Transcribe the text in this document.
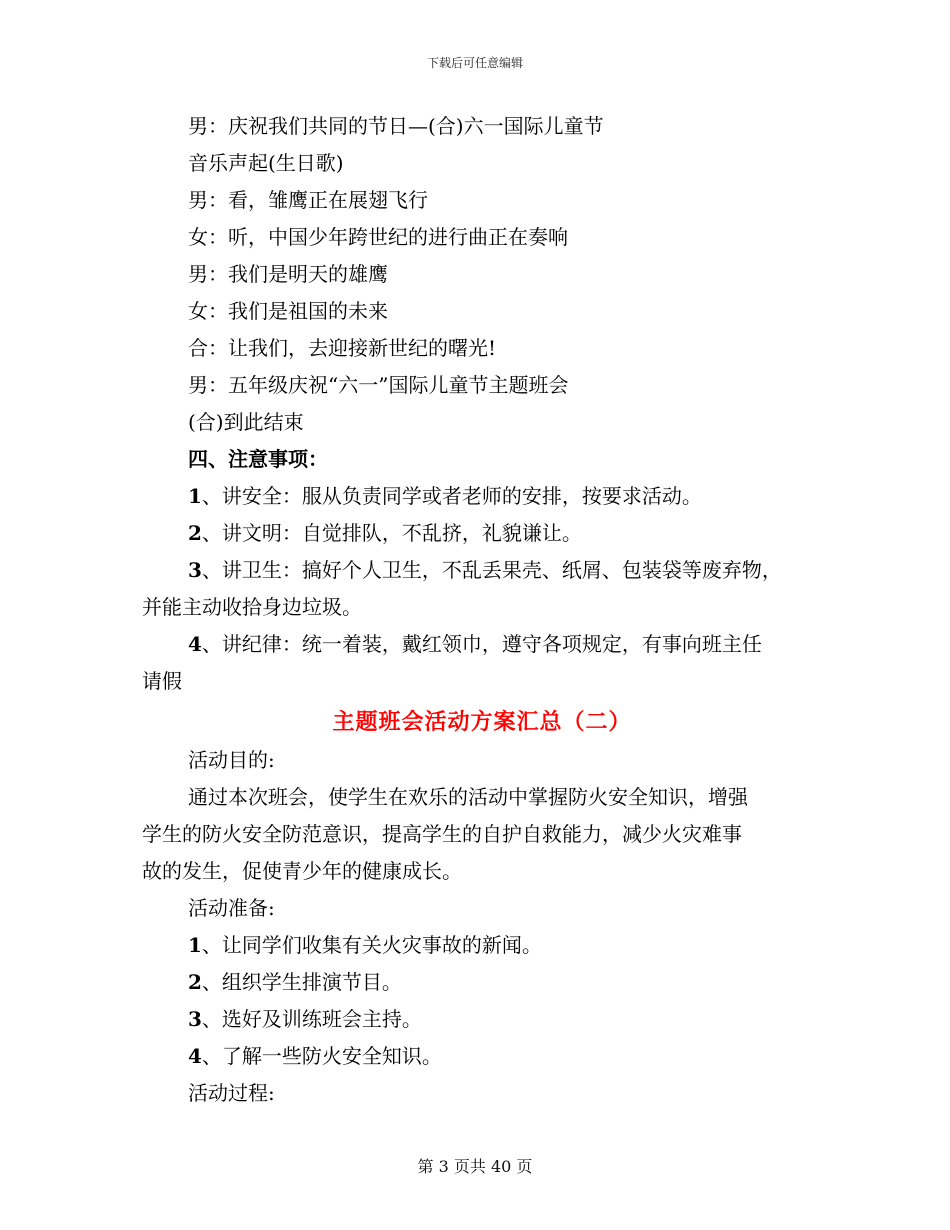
下载后可任意编辑
男：庆祝我们共同的节日—(合)六一国际儿童节
音乐声起(生日歌)
男：看，雏鹰正在展翅飞行
女：听，中国少年跨世纪的进行曲正在奏响
男：我们是明天的雄鹰
女：我们是祖国的未来
合：让我们，去迎接新世纪的曙光!
男：五年级庆祝“六一”国际儿童节主题班会
(合)到此结束
四、注意事项：
1、讲安全：服从负责同学或者老师的安排，按要求活动。
2、讲文明：自觉排队，不乱挤，礼貌谦让。
3、讲卫生：搞好个人卫生，不乱丢果壳、纸屑、包装袋等废弃物，
并能主动收拾身边垃圾。
4、讲纪律：统一着装，戴红领巾，遵守各项规定，有事向班主任
请假
主题班会活动方案汇总（二）
活动目的:
通过本次班会，使学生在欢乐的活动中掌握防火安全知识，增强
学生的防火安全防范意识，提高学生的自护自救能力，减少火灾难事
故的发生，促使青少年的健康成长。
活动准备:
1、让同学们收集有关火灾事故的新闻。
2、组织学生排演节目。
3、选好及训练班会主持。
4、了解一些防火安全知识。
活动过程:
第 3 页共 40 页
